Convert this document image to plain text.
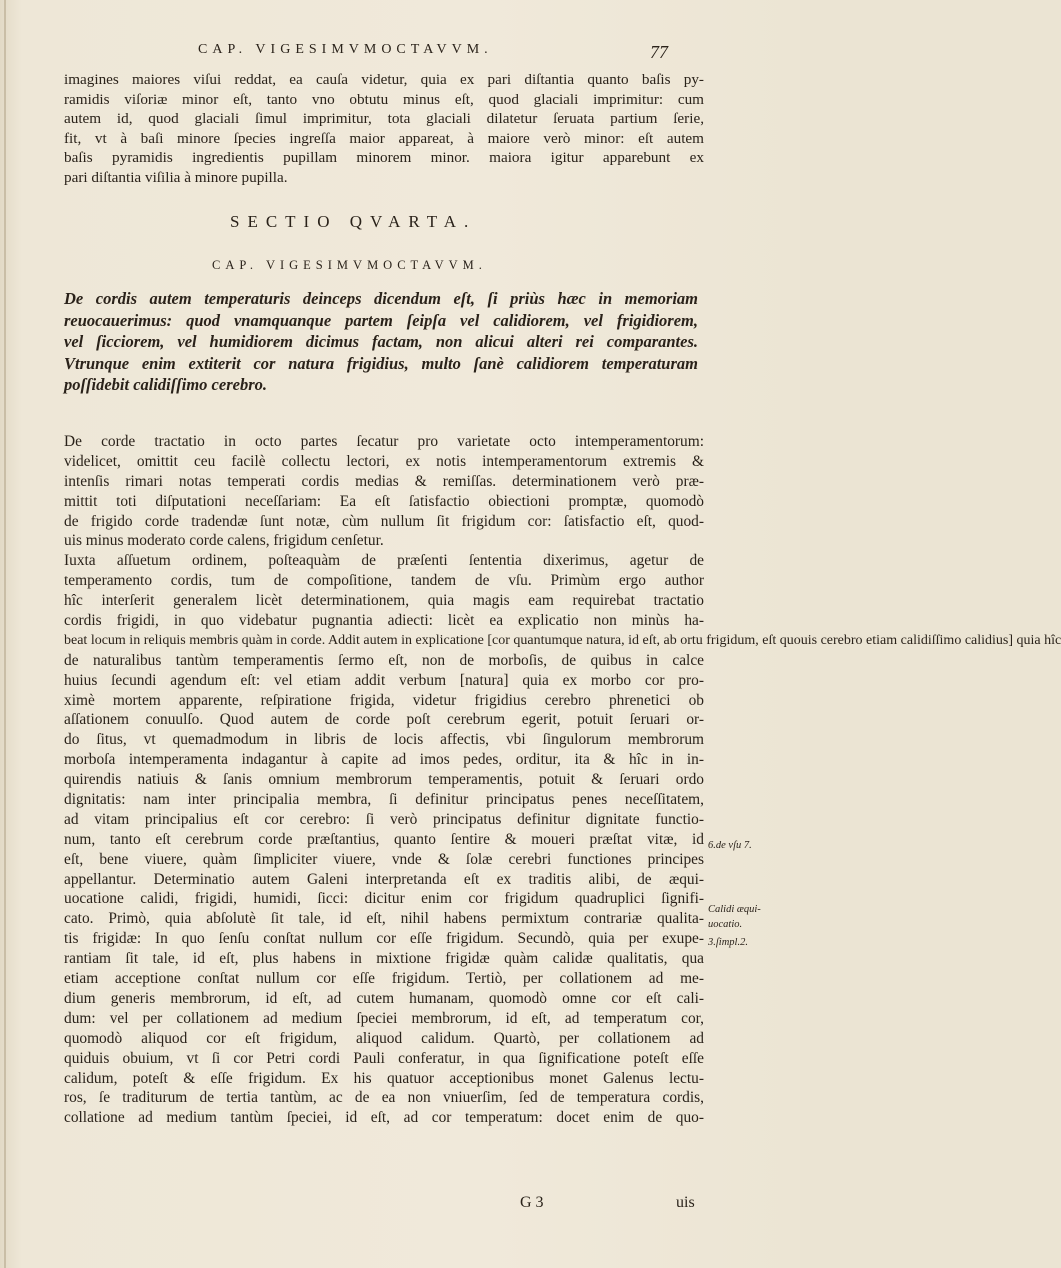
CAP. VIGESIMVMOCTAVVM.	77
imagines maiores viſui reddat, ea cauſa videtur, quia ex pari diſtantia quanto baſis py-
ramidis viſoriæ minor eſt, tanto vno obtutu minus eſt, quod glaciali imprimitur: cum
autem id, quod glaciali ſimul imprimitur, tota glaciali dilatetur ſeruata partium ſerie,
fit, vt à baſi minore ſpecies ingreſſa maior appareat, à maiore verò minor: eſt autem
baſis pyramidis ingredientis pupillam minorem minor. maiora igitur apparebunt ex
pari diſtantia viſilia à minore pupilla.
SECTIO QVARTA.
CAP. VIGESIMVMOCTAVVM.
De cordis autem temperaturis deinceps dicendum eſt, ſi priùs hæc in memoriam
reuocauerimus: quod vnamquanque partem ſeipſa vel calidiorem, vel frigidiorem,
vel ſicciorem, vel humidiorem dicimus factam, non alicui alteri rei comparantes.
Vtrunque enim extiterit cor natura frigidius, multo ſanè calidiorem temperaturam
poſſidebit calidiſſimo cerebro.
De corde tractatio in octo partes ſecatur pro varietate octo intemperamentorum:
videlicet, omittit ceu facilè collectu lectori, ex notis intemperamentorum extremis &
intenſis rimari notas temperati cordis medias & remiſſas. determinationem verò præ-
mittit toti diſputationi neceſſariam: Ea eſt ſatisfactio obiectioni promptæ, quomodò
de frigido corde tradendæ ſunt notæ, cùm nullum ſit frigidum cor: ſatisfactio eſt, quod-
uis minus moderato corde calens, frigidum cenſetur.
Iuxta aſſuetum ordinem, poſteaquàm de præſenti ſententia dixerimus, agetur de
temperamento cordis, tum de compoſitione, tandem de vſu. Primùm ergo author
hîc interſerit generalem licèt determinationem, quia magis eam requirebat tractatio
cordis frigidi, in quo videbatur pugnantia adiecti: licèt ea explicatio non minùs ha-
beat locum in reliquis membris quàm in corde. Addit autem in explicatione [cor quantumque natura, id eſt, ab ortu frigidum, eſt quouis cerebro etiam calidiſſimo calidius] quia hîc
de naturalibus tantùm temperamentis ſermo eſt, non de morboſis, de quibus in calce
huius ſecundi agendum eſt: vel etiam addit verbum [natura] quia ex morbo cor pro-
ximè mortem apparente, reſpiratione frigida, videtur frigidius cerebro phrenetici ob
aſſationem conuulſo. Quod autem de corde poſt cerebrum egerit, potuit ſeruari or-
do ſitus, vt quemadmodum in libris de locis affectis, vbi ſingulorum membrorum
morboſa intemperamenta indagantur à capite ad imos pedes, orditur, ita & hîc in in-
quirendis natiuis & ſanis omnium membrorum temperamentis, potuit & ſeruari ordo
dignitatis: nam inter principalia membra, ſi definitur principatus penes neceſſitatem,
ad vitam principalius eſt cor cerebro: ſi verò principatus definitur dignitate functio-
num, tanto eſt cerebrum corde præſtantius, quanto ſentire & moueri præſtat vitæ, id
eſt, bene viuere, quàm ſimpliciter viuere, vnde & ſolæ cerebri functiones principes
appellantur. Determinatio autem Galeni interpretanda eſt ex traditis alibi, de æqui-
uocatione calidi, frigidi, humidi, ſicci: dicitur enim cor frigidum quadruplici ſignifi-
cato. Primò, quia abſolutè ſit tale, id eſt, nihil habens permixtum contrariæ qualita-
tis frigidæ: In quo ſenſu conſtat nullum cor eſſe frigidum. Secundò, quia per exupe-
rantiam ſit tale, id eſt, plus habens in mixtione frigidæ quàm calidæ qualitatis, qua
etiam acceptione conſtat nullum cor eſſe frigidum. Tertiò, per collationem ad me-
dium generis membrorum, id eſt, ad cutem humanam, quomodò omne cor eſt cali-
dum: vel per collationem ad medium ſpeciei membrorum, id eſt, ad temperatum cor,
quomodò aliquod cor eſt frigidum, aliquod calidum. Quartò, per collationem ad
quiduis obuium, vt ſi cor Petri cordi Pauli conferatur, in qua ſignificatione poteſt eſſe
calidum, poteſt & eſſe frigidum. Ex his quatuor acceptionibus monet Galenus lectu-
ros, ſe traditurum de tertia tantùm, ac de ea non vniuerſim, ſed de temperatura cordis,
collatione ad medium tantùm ſpeciei, id eſt, ad cor temperatum: docet enim de quo-
6.de vſu 7.
Calidi æqui-
uocatio.
3.ſimpl.2.
G 3	uis
